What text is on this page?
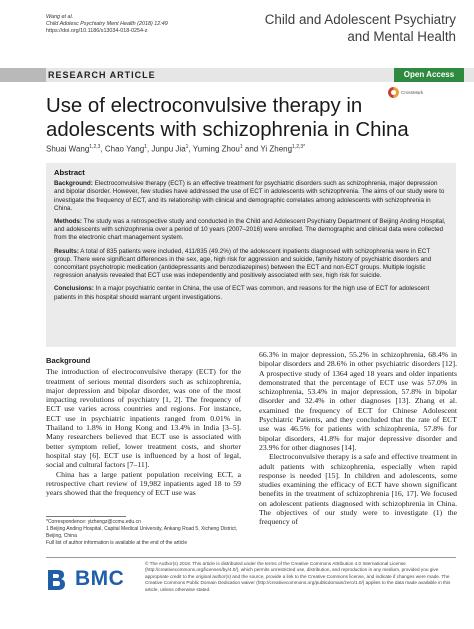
Wang et al.
Child Adolesc Psychiatry Ment Health (2018) 12:49
https://doi.org/10.1186/s13034-018-0254-z
Child and Adolescent Psychiatry
and Mental Health
RESEARCH ARTICLE	Open Access
CrossMark
Use of electroconvulsive therapy in adolescents with schizophrenia in China
Shuai Wang$^{1,2,3}$, Chao Yang$^1$, Junpu Jia$^1$, Yuming Zhou$^1$ and Yi Zheng$^{1,2,3*}$
Abstract

Background: Electroconvulsive therapy (ECT) is an effective treatment for psychiatric disorders such as schizophrenia, major depression and bipolar disorder. However, few studies have addressed the use of ECT in adolescents with schizophrenia. The aims of our study were to investigate the frequency of ECT, and its relationship with clinical and demographic correlates among adolescents with schizophrenia in China.

Methods: The study was a retrospective study and conducted in the Child and Adolescent Psychiatry Department of Beijing Anding Hospital, and adolescents with schizophrenia over a period of 10 years (2007–2016) were enrolled. The demographic and clinical data were collected from the electronic chart management system.

Results: A total of 835 patients were included, 411/835 (49.2%) of the adolescent inpatients diagnosed with schizophrenia were in ECT group. There were significant differences in the sex, age, high risk for aggression and suicide, family history of psychiatric disorders and concomitant psychotropic medication (antidepressants and benzodiazepines) between the ECT and non-ECT groups. Multiple logistic regression analysis revealed that ECT use was independently and positively associated with sex, high risk for suicide.

Conclusions: In a major psychiatric center in China, the use of ECT was common, and reasons for the high use of ECT for adolescent patients in this hospital should warrant urgent investigations.

Background

The introduction of electroconvulsive therapy (ECT) for the treatment of serious mental disorders such as schizophrenia, major depression and bipolar disorder, was one of the most impacting revolutions of psychiatry [1, 2]. The frequency of ECT use varies across countries and regions. For instance, ECT use in psychiatric inpatients ranged from 0.01% in Thailand to 1.8% in Hong Kong and 13.4% in India [3–5]. Many researchers believed that ECT use is associated with better symptom relief, lower treatment costs, and shorter hospital stay [6]. ECT use is influenced by a host of legal, social and cultural factors [7–11].

China has a large patient population receiving ECT, a retrospective chart review of 19,982 inpatients aged 18 to 59 years showed that the frequency of ECT use was

66.3% in major depression, 55.2% in schizophrenia, 68.4% in bipolar disorders and 28.6% in other psychiatric disorders [12]. A prospective study of 1364 aged 18 years and older inpatients demonstrated that the percentage of ECT use was 57.0% in schizophrenia, 53.4% in major depression, 57.8% in bipolar disorder and 32.4% in other diagnoses [13]. Zhang et al. examined the frequency of ECT for Chinese Adolescent Psychiatric Patients, and they concluded that the rate of ECT use was 46.5% for patients with schizophrenia, 57.8% for bipolar disorders, 41.8% for major depressive disorder and 23.9% for other diagnoses [14].

Electroconvulsive therapy is a safe and effective treatment in adult patients with schizophrenia, especially when rapid response is needed [15]. In children and adolescents, some studies examining the efficacy of ECT have shown significant benefits in the treatment of schizophrenia [16, 17]. We focused on adolescent patients diagnosed with schizophrenia in China. The objectives of our study were to investigate (1) the frequency of

*Correspondence: yizhengz@ccmu.edu.cn
1 Beijing Anding Hospital, Capital Medical University, Ankang Road 5, Xicheng District, Beijing, China
Full list of author information is available at the end of the article
BMC
© The Author(s) 2018. This article is distributed under the terms of the Creative Commons Attribution 4.0 International License (http://creativecommons.org/licenses/by/4.0/), which permits unrestricted use, distribution, and reproduction in any medium, provided you give appropriate credit to the original author(s) and the source, provide a link to the Creative Commons license, and indicate if changes were made. The Creative Commons Public Domain Dedication waiver (http://creativecommons.org/publicdomain/zero/1.0/) applies to the data made available in this article, unless otherwise stated.
